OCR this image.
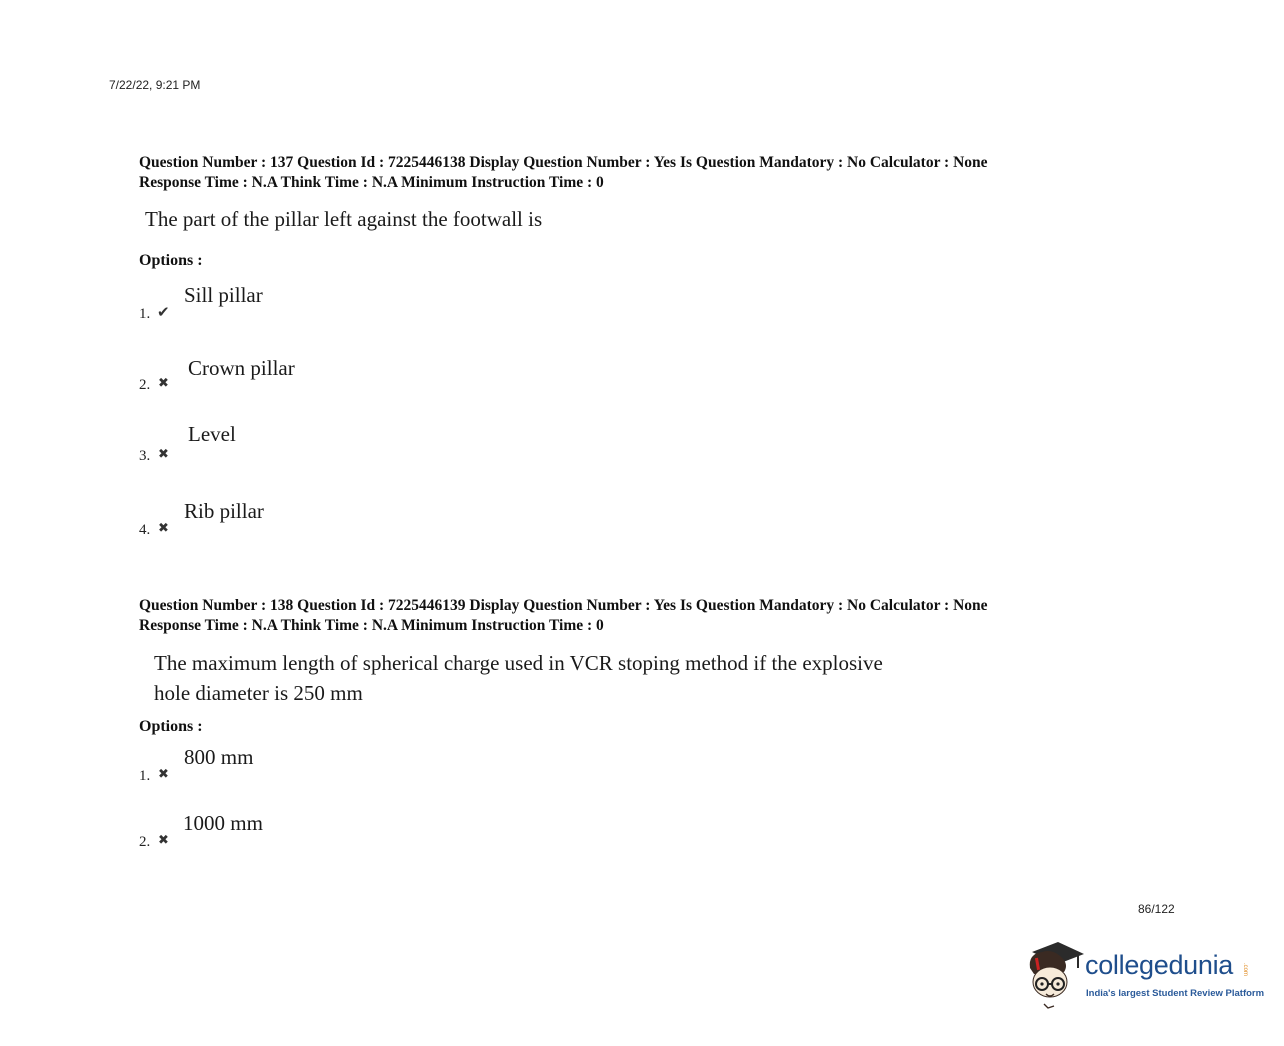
7/22/22, 9:21 PM
Question Number : 137 Question Id : 7225446138 Display Question Number : Yes Is Question Mandatory : No Calculator : None
Response Time : N.A Think Time : N.A Minimum Instruction Time : 0
The part of the pillar left against the footwall is
Options :
1. ✔
Sill pillar
2. ✖
Crown pillar
3. ✖
Level
4. ✖
Rib pillar
Question Number : 138 Question Id : 7225446139 Display Question Number : Yes Is Question Mandatory : No Calculator : None
Response Time : N.A Think Time : N.A Minimum Instruction Time : 0
The maximum length of spherical charge used in VCR stoping method if the explosive
hole diameter is 250 mm
Options :
1. ✖
800 mm
2. ✖
1000 mm
86/122
collegedunia .com
India's largest Student Review Platform
